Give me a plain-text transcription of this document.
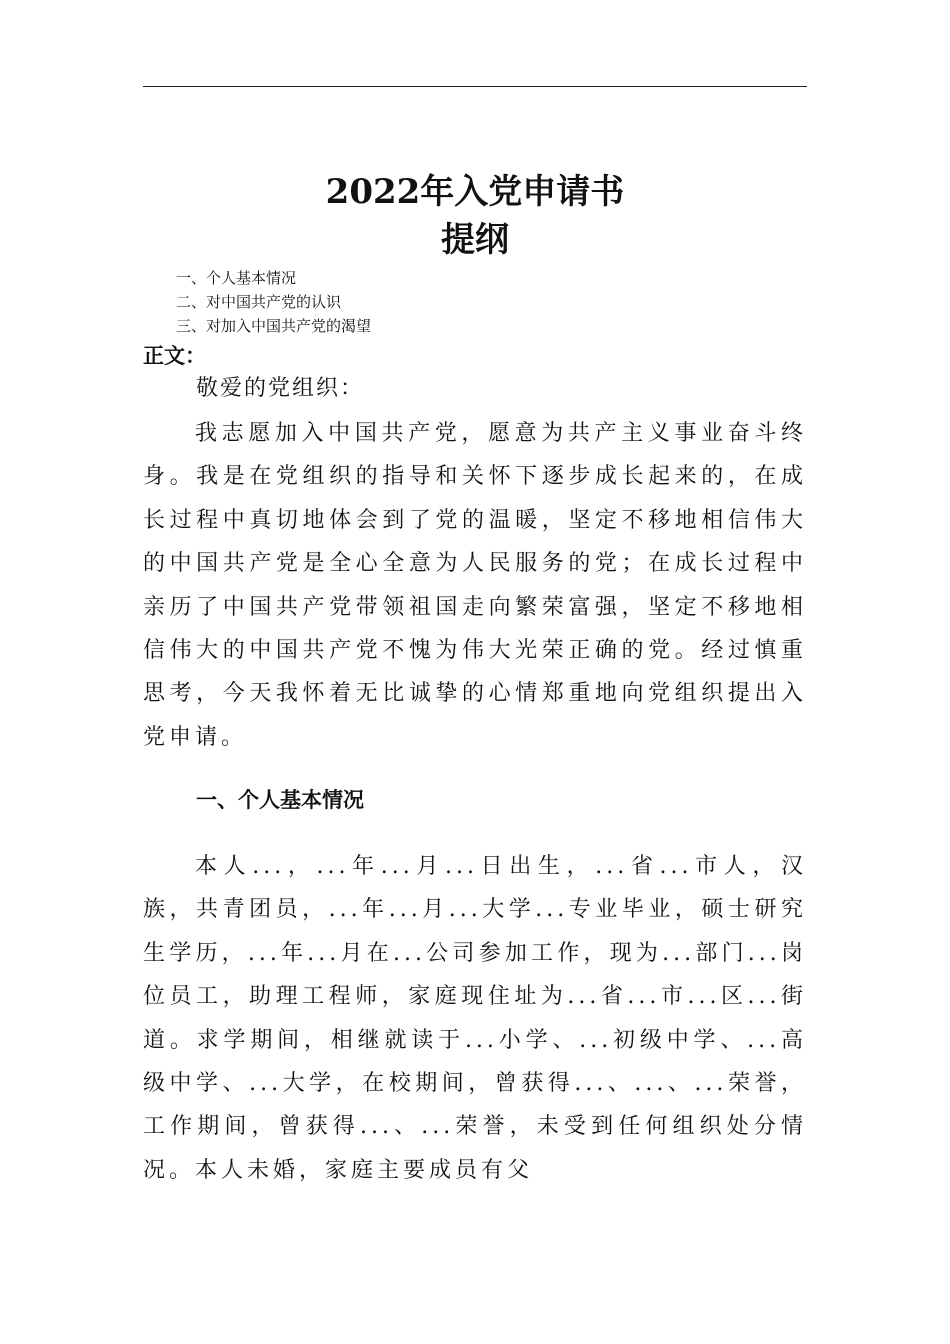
2022年入党申请书
提纲
一、个人基本情况
二、对中国共产党的认识
三、对加入中国共产党的渴望

正文：

敬爱的党组织：

我志愿加入中国共产党，愿意为共产主义事业奋斗终身。我是在党组织的指导和关怀下逐步成长起来的，在成长过程中真切地体会到了党的温暖，坚定不移地相信伟大的中国共产党是全心全意为人民服务的党；在成长过程中亲历了中国共产党带领祖国走向繁荣富强，坚定不移地相信伟大的中国共产党不愧为伟大光荣正确的党。经过慎重思考，今天我怀着无比诚挚的心情郑重地向党组织提出入党申请。

一、个人基本情况

本人...，...年...月...日出生，...省...市人，汉族，共青团员，...年...月...大学...专业毕业，硕士研究生学历，...年...月在...公司参加工作，现为...部门...岗位员工，助理工程师，家庭现住址为...省...市...区...街道。求学期间，相继就读于...小学、...初级中学、...高级中学、...大学，在校期间，曾获得...、...、...荣誉，工作期间，曾获得...、...荣誉，未受到任何组织处分情况。本人未婚，家庭主要成员有父
